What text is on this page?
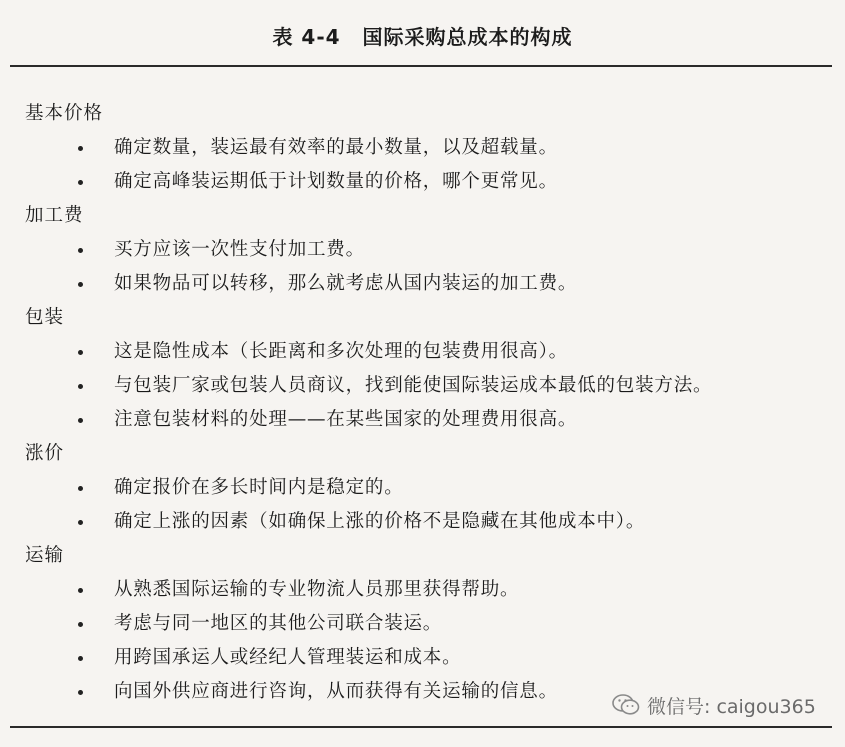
表 4-4 国际采购总成本的构成
基本价格
确定数量，装运最有效率的最小数量，以及超载量。
确定高峰装运期低于计划数量的价格，哪个更常见。
加工费
买方应该一次性支付加工费。
如果物品可以转移，那么就考虑从国内装运的加工费。
包装
这是隐性成本（长距离和多次处理的包装费用很高）。
与包装厂家或包装人员商议，找到能使国际装运成本最低的包装方法。
注意包装材料的处理——在某些国家的处理费用很高。
涨价
确定报价在多长时间内是稳定的。
确定上涨的因素（如确保上涨的价格不是隐藏在其他成本中）。
运输
从熟悉国际运输的专业物流人员那里获得帮助。
考虑与同一地区的其他公司联合装运。
用跨国承运人或经纪人管理装运和成本。
向国外供应商进行咨询，从而获得有关运输的信息。
微信号: caigou365
